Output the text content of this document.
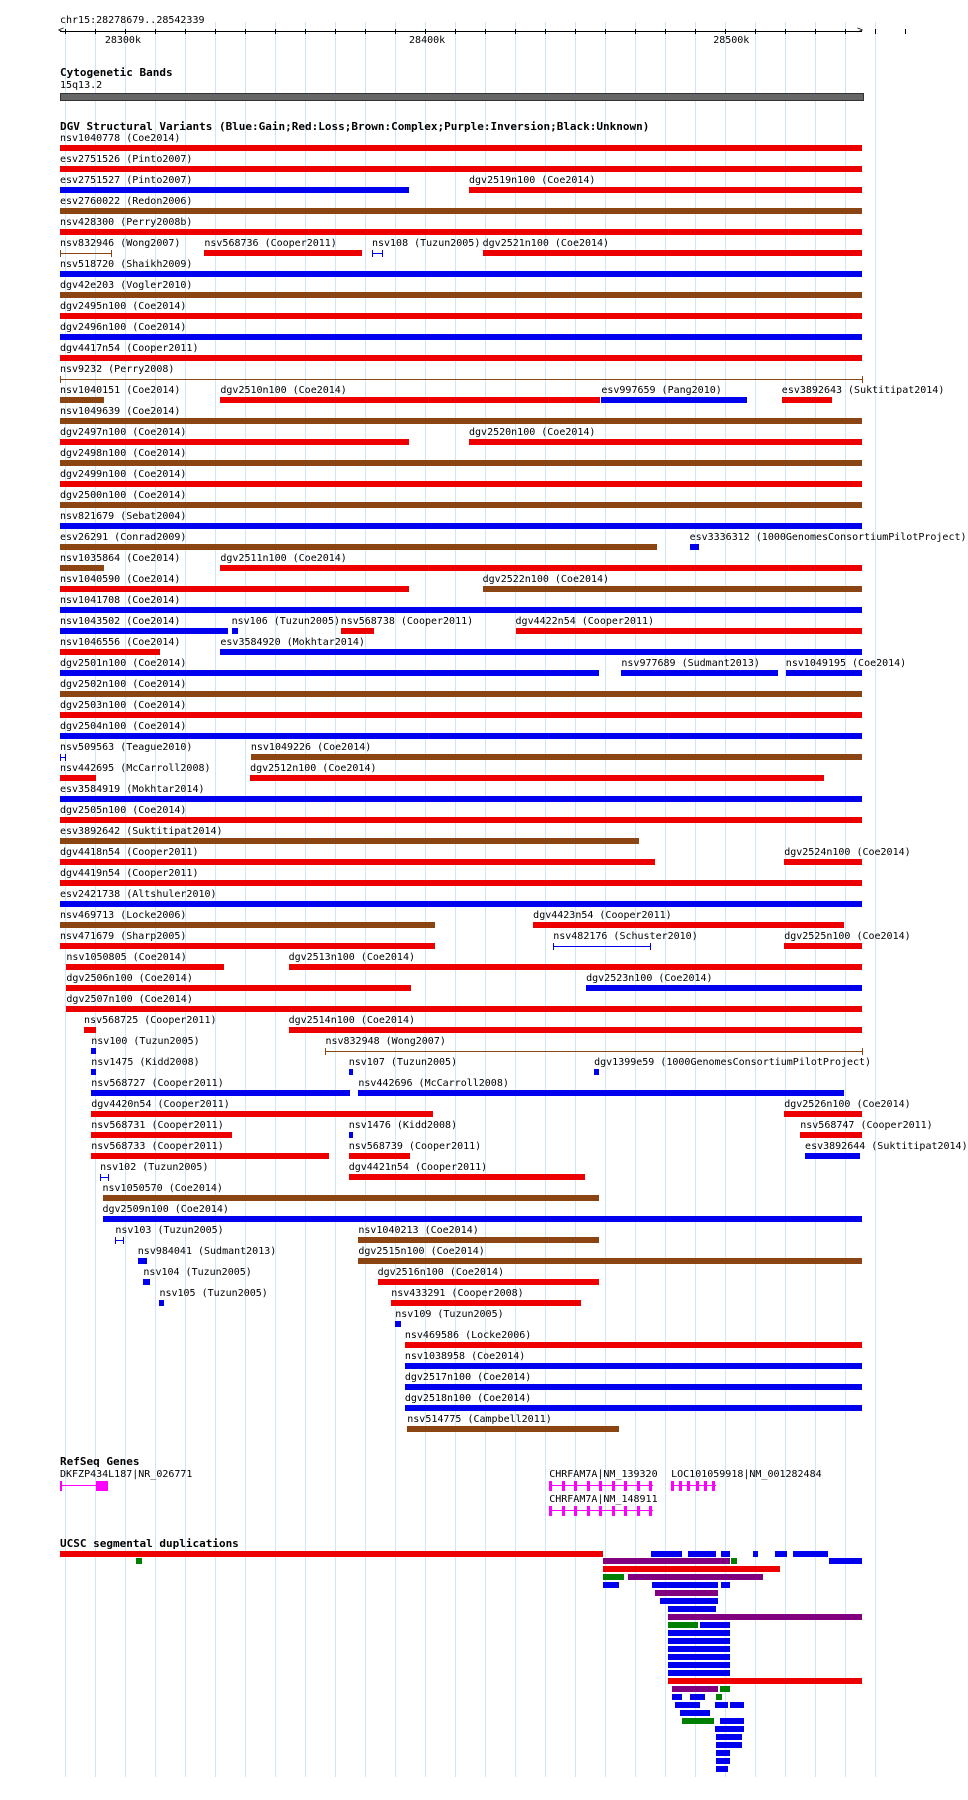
chr15:28278679..28542339
<	>
28300k	28400k	28500k
Cytogenetic Bands
15q13.2
DGV Structural Variants (Blue:Gain;Red:Loss;Brown:Complex;Purple:Inversion;Black:Unknown)
nsv1040778 (Coe2014)
esv2751526 (Pinto2007)
esv2751527 (Pinto2007)	dgv2519n100 (Coe2014)
esv2760022 (Redon2006)
nsv428300 (Perry2008b)
nsv832946 (Wong2007) nsv568736 (Cooper2011)	nsv108 (Tuzun2005) dgv2521n100 (Coe2014)
nsv518720 (Shaikh2009)
dgv42e203 (Vogler2010)
dgv2495n100 (Coe2014)
dgv2496n100 (Coe2014)
dgv4417n54 (Cooper2011)
nsv9232 (Perry2008)
nsv1040151 (Coe2014)	dgv2510n100 (Coe2014)	esv997659 (Pang2010)	esv3892643 (Suktitipat2014)
nsv1049639 (Coe2014)
dgv2497n100 (Coe2014)	dgv2520n100 (Coe2014)
dgv2498n100 (Coe2014)
dgv2499n100 (Coe2014)
dgv2500n100 (Coe2014)
nsv821679 (Sebat2004)
esv26291 (Conrad2009)	esv3336312 (1000GenomesConsortiumPilotProject)
nsv1035864 (Coe2014)	dgv2511n100 (Coe2014)
nsv1040590 (Coe2014)	dgv2522n100 (Coe2014)
nsv1041708 (Coe2014)
nsv1043502 (Coe2014)	nsv106 (Tuzun2005) nsv568738 (Cooper2011)	dgv4422n54 (Cooper2011)
nsv1046556 (Coe2014)	esv3584920 (Mokhtar2014)
dgv2501n100 (Coe2014)	nsv977689 (Sudmant2013)	nsv1049195 (Coe2014)
dgv2502n100 (Coe2014)
dgv2503n100 (Coe2014)
dgv2504n100 (Coe2014)
nsv509563 (Teague2010)	nsv1049226 (Coe2014)
nsv442695 (McCarroll2008)	dgv2512n100 (Coe2014)
esv3584919 (Mokhtar2014)
dgv2505n100 (Coe2014)
esv3892642 (Suktitipat2014)
dgv4418n54 (Cooper2011)	dgv2524n100 (Coe2014)
dgv4419n54 (Cooper2011)
esv2421738 (Altshuler2010)
nsv469713 (Locke2006)	dgv4423n54 (Cooper2011)
nsv471679 (Sharp2005)	nsv482176 (Schuster2010)	dgv2525n100 (Coe2014)
nsv1050805 (Coe2014)	dgv2513n100 (Coe2014)
dgv2506n100 (Coe2014)	dgv2523n100 (Coe2014)
dgv2507n100 (Coe2014)
nsv568725 (Cooper2011)	dgv2514n100 (Coe2014)
nsv100 (Tuzun2005)	nsv832948 (Wong2007)
nsv1475 (Kidd2008)	nsv107 (Tuzun2005)	dgv1399e59 (1000GenomesConsortiumPilotProject)
nsv568727 (Cooper2011)	nsv442696 (McCarroll2008)
dgv4420n54 (Cooper2011)	dgv2526n100 (Coe2014)
nsv568731 (Cooper2011)	nsv1476 (Kidd2008)	nsv568747 (Cooper2011)
nsv568733 (Cooper2011)	nsv568739 (Cooper2011)	esv3892644 (Suktitipat2014)
nsv102 (Tuzun2005)	dgv4421n54 (Cooper2011)
nsv1050570 (Coe2014)
dgv2509n100 (Coe2014)
nsv103 (Tuzun2005)	nsv1040213 (Coe2014)
nsv984041 (Sudmant2013)	dgv2515n100 (Coe2014)
nsv104 (Tuzun2005)	dgv2516n100 (Coe2014)
nsv105 (Tuzun2005)	nsv433291 (Cooper2008)
nsv109 (Tuzun2005)
nsv469586 (Locke2006)
nsv1038958 (Coe2014)
dgv2517n100 (Coe2014)
dgv2518n100 (Coe2014)
nsv514775 (Campbell2011)
RefSeq Genes
DKFZP434L187|NR_026771	CHRFAM7A|NM_139320 LOC101059918|NM_001282484
CHRFAM7A|NM_148911
UCSC segmental duplications
